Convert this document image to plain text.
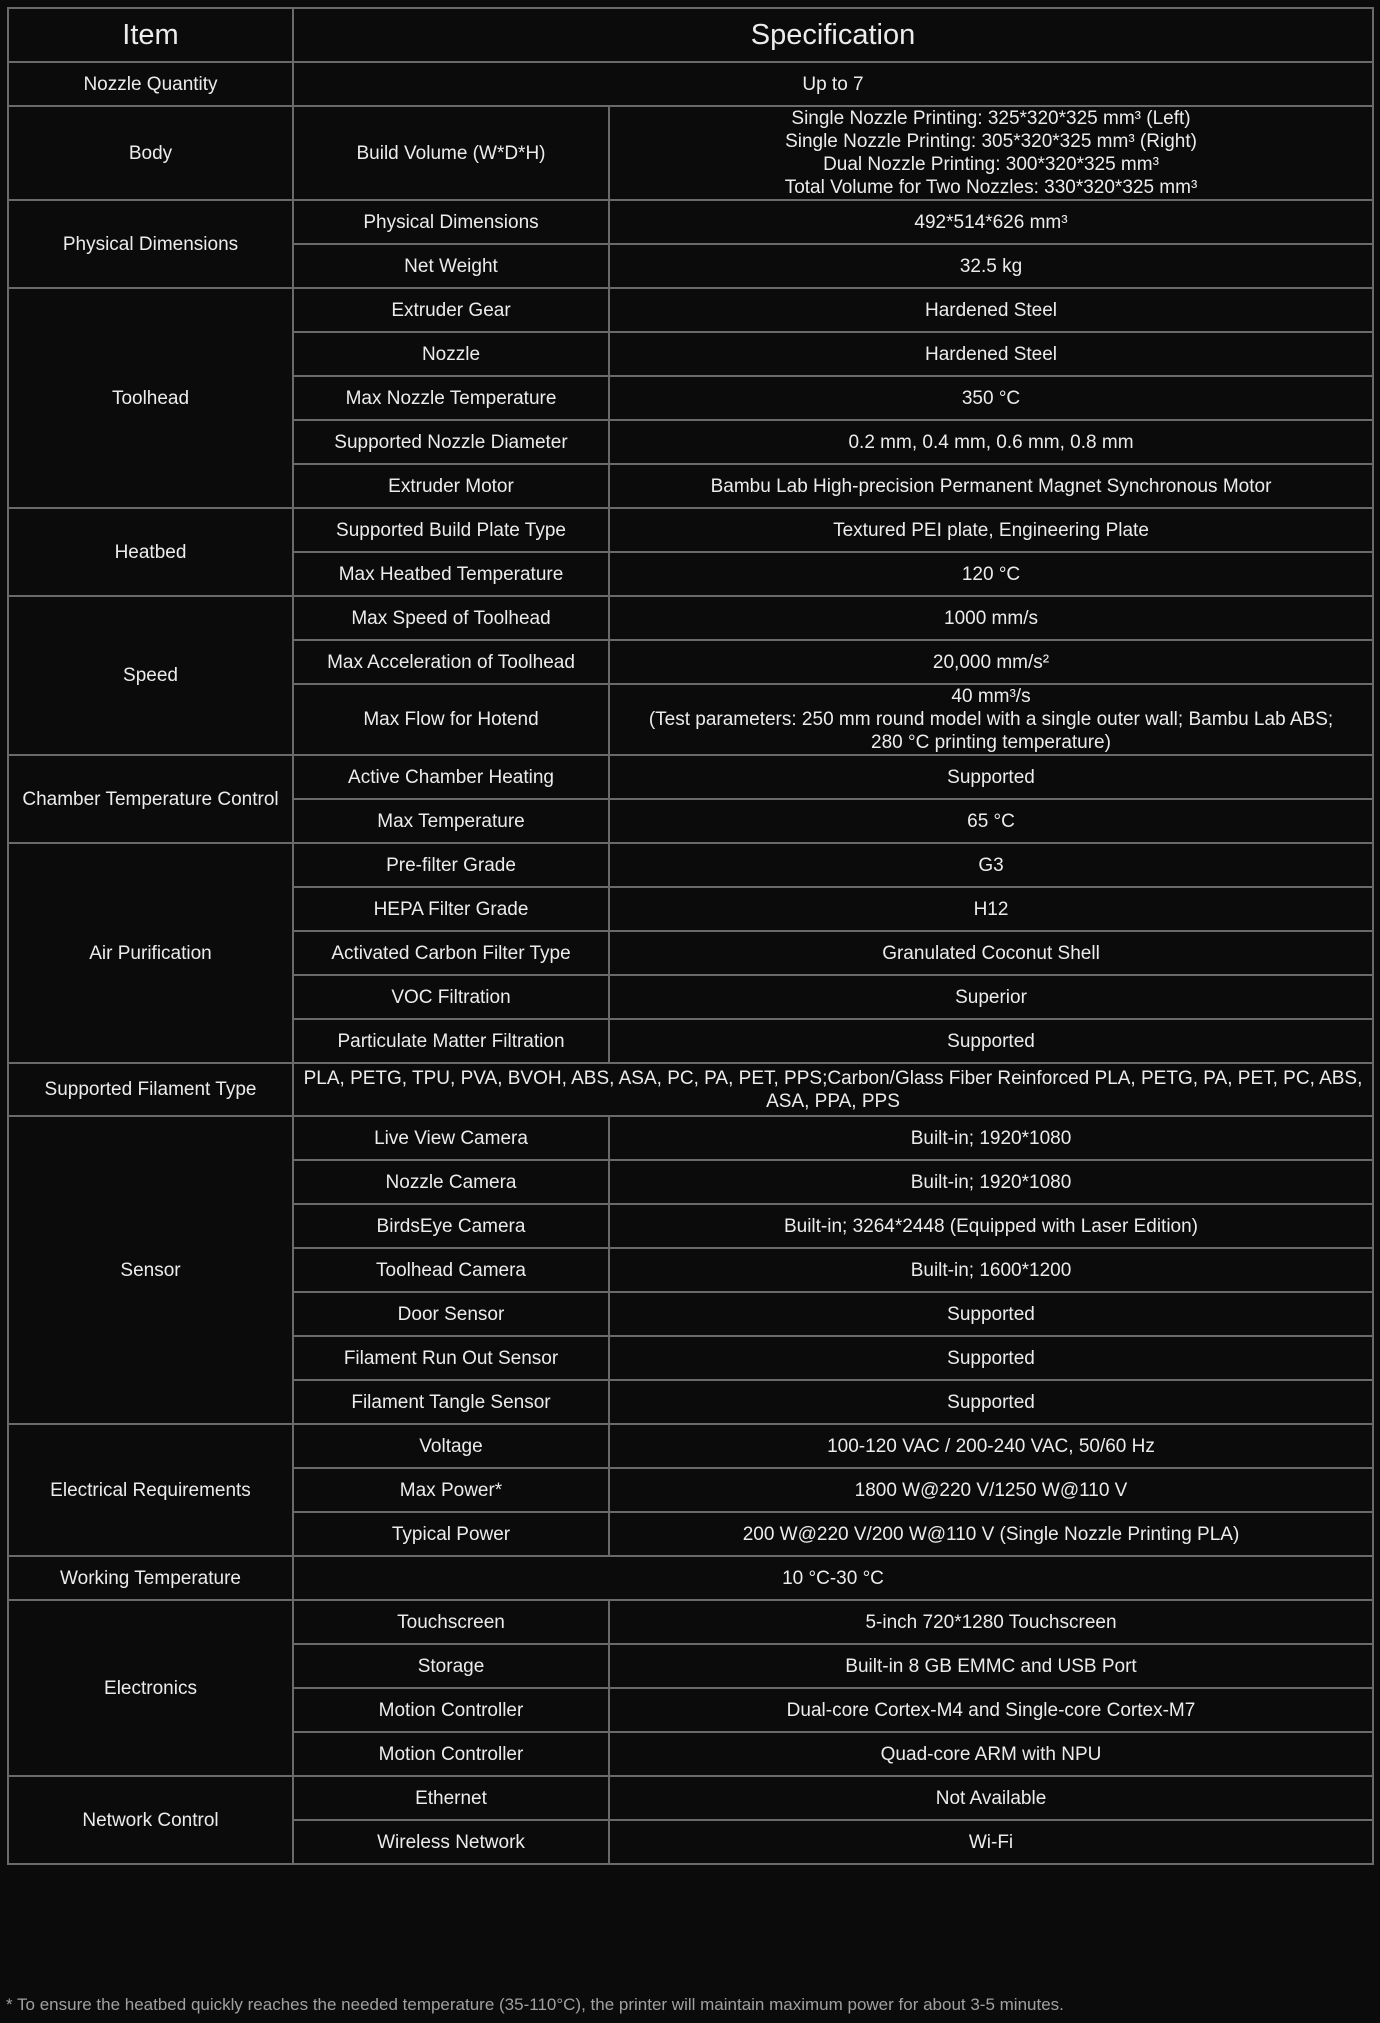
Item	Specification	
Nozzle Quantity	Up to 7	
Body	Build Volume (W*D*H)	Single Nozzle Printing: 325*320*325 mm³ (Left)
Single Nozzle Printing: 305*320*325 mm³ (Right)
Dual Nozzle Printing: 300*320*325 mm³
Total Volume for Two Nozzles: 330*320*325 mm³

Physical Dimensions	Physical Dimensions	492*514*626 mm³

	Net Weight	32.5 kg

Toolhead	Extruder Gear	Hardened Steel

	Nozzle	Hardened Steel

	Max Nozzle Temperature	350 °C

	Supported Nozzle Diameter	0.2 mm, 0.4 mm, 0.6 mm, 0.8 mm

	Extruder Motor	Bambu Lab High-precision Permanent Magnet Synchronous Motor

Heatbed	Supported Build Plate Type	Textured PEI plate, Engineering Plate

	Max Heatbed Temperature	120 °C

Speed	Max Speed of Toolhead	1000 mm/s

	Max Acceleration of Toolhead	20,000 mm/s²

	Max Flow for Hotend	40 mm³/s
(Test parameters: 250 mm round model with a single outer wall; Bambu Lab ABS;
280 °C printing temperature)

Chamber Temperature Control	Active Chamber Heating	Supported

	Max Temperature	65 °C

Air Purification	Pre-filter Grade	G3

	HEPA Filter Grade	H12

	Activated Carbon Filter Type	Granulated Coconut Shell

	VOC Filtration	Superior

	Particulate Matter Filtration	Supported

Supported Filament Type	PLA, PETG, TPU, PVA, BVOH, ABS, ASA, PC, PA, PET, PPS;Carbon/Glass Fiber Reinforced PLA, PETG, PA, PET, PC, ABS, ASA, PPA, PPS	
Sensor	Live View Camera	Built-in; 1920*1080

	Nozzle Camera	Built-in; 1920*1080

	BirdsEye Camera	Built-in; 3264*2448 (Equipped with Laser Edition)

	Toolhead Camera	Built-in; 1600*1200

	Door Sensor	Supported

	Filament Run Out Sensor	Supported

	Filament Tangle Sensor	Supported

Electrical Requirements	Voltage	100-120 VAC / 200-240 VAC, 50/60 Hz

	Max Power*	1800 W@220 V/1250 W@110 V

	Typical Power	200 W@220 V/200 W@110 V (Single Nozzle Printing PLA)

Working Temperature	10 °C-30 °C	
Electronics	Touchscreen	5-inch 720*1280 Touchscreen

	Storage	Built-in 8 GB EMMC and USB Port

	Motion Controller	Dual-core Cortex-M4 and Single-core Cortex-M7

	Motion Controller	Quad-core ARM with NPU

Network Control	Ethernet	Not Available

	Wireless Network	Wi-Fi
* To ensure the heatbed quickly reaches the needed temperature (35-110°C), the printer will maintain maximum power for about 3-5 minutes.
